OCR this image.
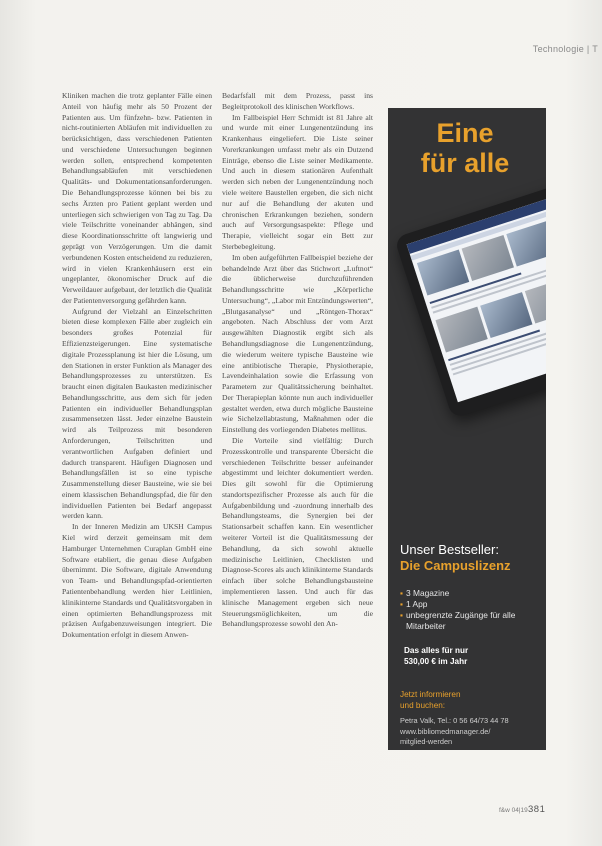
Technologie | T

Kliniken machen die trotz geplanter Fälle einen Anteil von häufig mehr als 50 Prozent der Patienten aus. Um fünfzehn- bzw. Patienten in nicht-routinierten Abläufen mit individuellen zu berücksichtigen, dass verschiedenen Patienten und verschiedene Untersuchungen beginnen werden sollen, entsprechend kompetenten Behandlungsabläufen mit verschiedenen Qualitäts- und Dokumentationsanforderungen. Die Behandlungsprozesse können bei bis zu sechs Ärzten pro Patient geplant werden und unterliegen sich schwierigen von Tag zu Tag. Da viele Teilschritte voneinander abhängen, sind diese Koordinationsschritte oft langwierig und geprägt von Verzögerungen. Um die damit verbundenen Kosten entscheidend zu reduzieren, wird in vielen Krankenhäusern erst ein ungeplanter, ökonomischer Druck auf die Verweildauer aufgebaut, der letztlich die Qualität der Patientenversorgung gefährden kann.

Aufgrund der Vielzahl an Einzelschritten bieten diese komplexen Fälle aber zugleich ein besonders großes Potenzial für Effizienzsteigerungen. Eine systematische digitale Prozessplanung ist hier die Lösung, um den Stationen in erster Funktion als Manager des Behandlungsprozesses zu unterstützen. Es braucht einen digitalen Baukasten medizinischer Behandlungsschritte, aus dem sich für jeden Patienten ein individueller Behandlungsplan zusammensetzen lässt. Jeder einzelne Baustein wird als Teilprozess mit besonderen Anforderungen, Teilschritten und verantwortlichen Aufgaben definiert und dadurch transparent. Häufigen Diagnosen und Behandlungsfällen ist so eine typische Zusammenstellung dieser Bausteine, wie sie bei einem klassischen Behandlungspfad, die für den individuellen Patienten bei Bedarf angepasst werden kann.

In der Inneren Medizin am UKSH Campus Kiel wird derzeit gemeinsam mit dem Hamburger Unternehmen Curaplan GmbH eine Software etabliert, die genau diese Aufgaben übernimmt. Die Software, digitale Anwendung von Team- und Behandlungspfad-orientierten Patientenbehandlung werden hier Leitlinien, klinikinterne Standards und Qualitätsvorgaben in einen optimierten Behandlungsprozess mit präzisen Aufgabenzuweisungen integriert. Die Dokumentation erfolgt in diesem Anwen-

Bedarfsfall mit dem Prozess, passt ins Begleitprotokoll des klinischen Workflows.

Im Fallbeispiel Herr Schmidt ist 81 Jahre alt und wurde mit einer Lungenentzündung ins Krankenhaus eingeliefert. Die Liste seiner Vorerkrankungen umfasst mehr als ein Dutzend Einträge, ebenso die Liste seiner Medikamente. Und auch in diesem stationären Aufenthalt werden sich neben der Lungenentzündung noch viele weitere Baustellen ergeben, die sich nicht nur auf die Behandlung der akuten und chronischen Erkrankungen beziehen, sondern auch auf Versorgungsaspekte: Pflege und Therapie, vielleicht sogar ein Bett zur Sterbebegleitung.

Im oben aufgeführten Fallbeispiel beziehe der behandelnde Arzt über das Stichwort „Luftnot“ die üblicherweise durchzuführenden Behandlungsschritte wie „Körperliche Untersuchung“, „Labor mit Entzündungswerten“, „Blutgasanalyse“ und „Röntgen-Thorax“ angeboten. Nach Abschluss der vom Arzt ausgewählten Diagnostik ergibt sich als Behandlungsdiagnose die Lungenentzündung, die wiederum weitere typische Bausteine wie eine antibiotische Therapie, Physiotherapie, Lavendeinhalation sowie die Erfassung von Parametern zur Qualitätssicherung beinhaltet. Der Therapieplan könnte nun auch individueller gestaltet werden, etwa durch mögliche Bausteine wie Sichelzellabtastung, Maßnahmen oder die Einstellung des vorliegenden Diabetes mellitus.

Die Vorteile sind vielfältig: Durch Prozesskontrolle und transparente Übersicht die verschiedenen Teilschritte besser aufeinander abgestimmt und leichter dokumentiert werden. Dies gilt sowohl für die Optimierung standortspezifischer Prozesse als auch für die Aufgabenbildung und -zuordnung innerhalb des Behandlungsteams, die Synergien bei der Stationsarbeit schaffen kann. Ein wesentlicher weiterer Vorteil ist die Qualitätsmessung der Behandlung, da sich sowohl aktuelle medizinische Leitlinien, Checklisten und Diagnose-Scores als auch klinikinterne Standards einfach über solche Behandlungsbausteine implementieren lassen. Und auch für das klinische Management ergeben sich neue Steuerungsmöglichkeiten, um die Behandlungsprozesse sowohl den An-

Eine
für alle
Unser Bestseller:
Die Campuslizenz
▪ 3 Magazine
▪ 1 App
▪ unbegrenzte Zugänge für alle Mitarbeiter
Das alles für nur
530,00 € im Jahr
Jetzt informieren
und buchen:
Petra Valk, Tel.: 0 56 64/73 44 78
www.bibliomedmanager.de/
mitglied-werden
f&w 04|19 381
